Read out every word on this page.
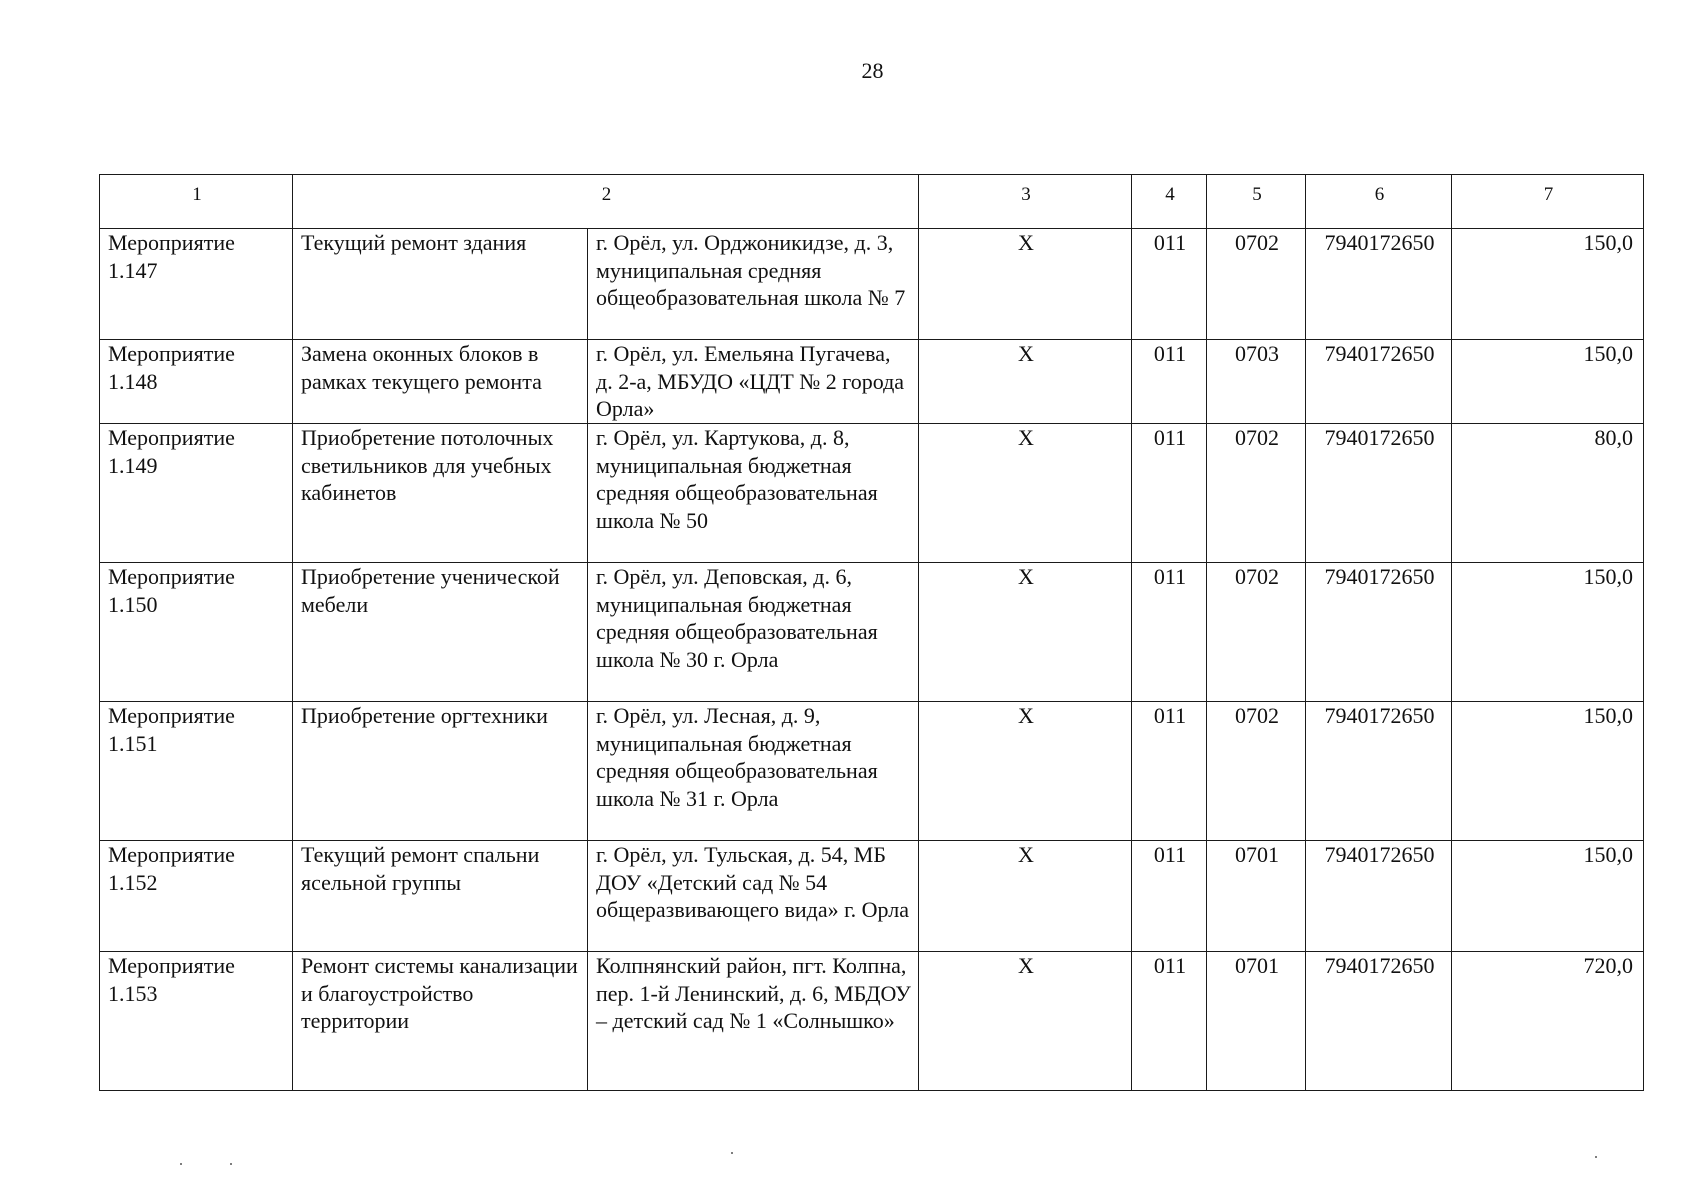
28
1	2		3	4	5	6	7
Мероприятие 1.147	Текущий ремонт здания	г. Орёл, ул. Орджоникидзе, д. 3, муниципальная средняя общеобразовательная школа № 7	X	011	0702	7940172650	150,0
Мероприятие 1.148	Замена оконных блоков в рамках текущего ремонта	г. Орёл, ул. Емельяна Пугачева, д. 2-а, МБУДО «ЦДТ № 2 города Орла»	X	011	0703	7940172650	150,0
Мероприятие 1.149	Приобретение потолочных светильников для учебных кабинетов	г. Орёл, ул. Картукова, д. 8, муниципальная бюджетная средняя общеобразовательная школа № 50	X	011	0702	7940172650	80,0
Мероприятие 1.150	Приобретение ученической мебели	г. Орёл, ул. Деповская, д. 6, муниципальная бюджетная средняя общеобразовательная школа № 30 г. Орла	X	011	0702	7940172650	150,0
Мероприятие 1.151	Приобретение оргтехники	г. Орёл, ул. Лесная, д. 9, муниципальная бюджетная средняя общеобразовательная школа № 31 г. Орла	X	011	0702	7940172650	150,0
Мероприятие 1.152	Текущий ремонт спальни ясельной группы	г. Орёл, ул. Тульская, д. 54, МБ ДОУ «Детский сад № 54 общеразвивающего вида» г. Орла	X	011	0701	7940172650	150,0
Мероприятие 1.153	Ремонт системы канализации и благоустройство территории	Колпнянский район, пгт. Колпна, пер. 1-й Ленинский, д. 6, МБДОУ – детский сад № 1 «Солнышко»	X	011	0701	7940172650	720,0
